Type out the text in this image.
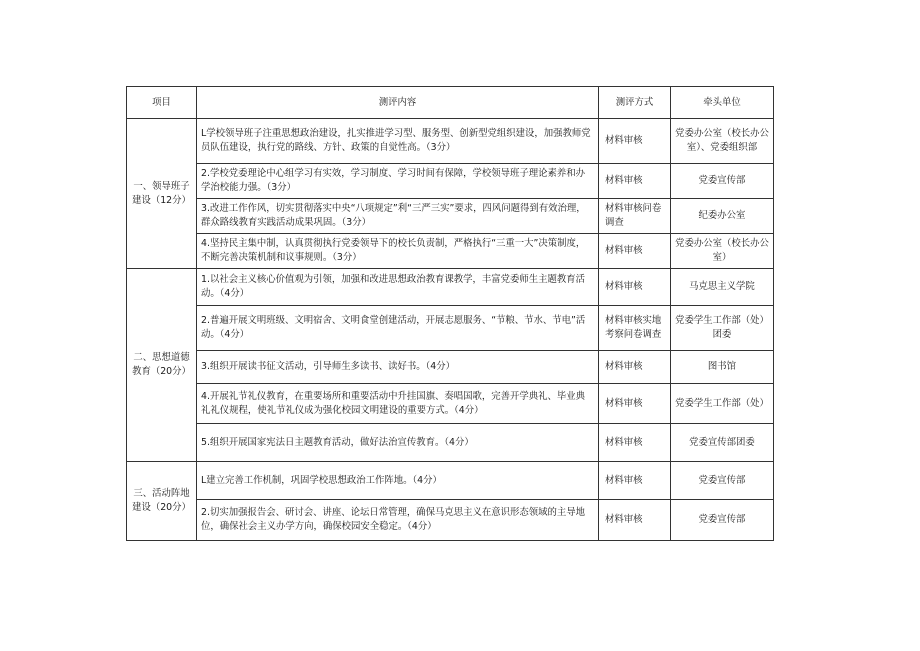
项目	测评内容	测评方式	牵头单位
一、领导班子建设（12分）	L学校领导班子注重思想政治建设，扎实推进学习型、服务型、创新型党组织建设，加强教师党员队伍建设，执行党的路线、方针、政策的自觉性高。（3分）	材料审核	党委办公室（校长办公室）、党委组织部
	2.学校党委理论中心组学习有实效，学习制度、学习时间有保障，学校领导班子理论素养和办学治校能力强。（3分）	材料审核	党委宣传部
	3.改进工作作风，切实贯彻落实中央“八项规定”利“三严三实”要求，四风问题得到有效治理，群众路线教育实践活动成果巩固。（3分）	材料审核问卷调查	纪委办公室
	4.坚持民主集中制，认真贯彻执行党委领导下的校长负责制，严格执行“三重一大”决策制度，不断完善决策机制和议事规则。（3分）	材料审核	党委办公室（校长办公室）
二、思想道德教育（20分）	1.以社会主义核心价值观为引领，加强和改进思想政治教育课教学，丰富党委师生主题教育活动。（4分）	材料审核	马克思主义学院
	2.普遍开展文明班级、文明宿舍、文明食堂创建活动，开展志愿服务、“节粮、节水、节电”活动。（4分）	材料审核实地考察问卷调查	党委学生工作部（处）团委
	3.组织开展读书征文活动，引导师生多读书、读好书。（4分）	材料审核	图书馆
	4.开展礼节礼仪教育，在重要场所和重要活动中升挂国旗、奏唱国歌，完善开学典礼、毕业典礼礼仪规程，使礼节礼仪成为强化校园文明建设的重要方式。（4分）	材料审核	党委学生工作部（处）
	5.组织开展国家宪法日主题教育活动，做好法治宣传教育。（4分）	材料审核	党委宣传部团委
三、活动阵地建设（20分）	L建立完善工作机制，巩固学校思想政治工作阵地。（4分）	材料审核	党委宣传部
	2.切实加强报告会、研讨会、讲座、论坛日常管理，确保马克思主义在意识形态领域的主导地位，确保社会主义办学方向，确保校园安全稳定。（4分）	材料审核	党委宣传部
